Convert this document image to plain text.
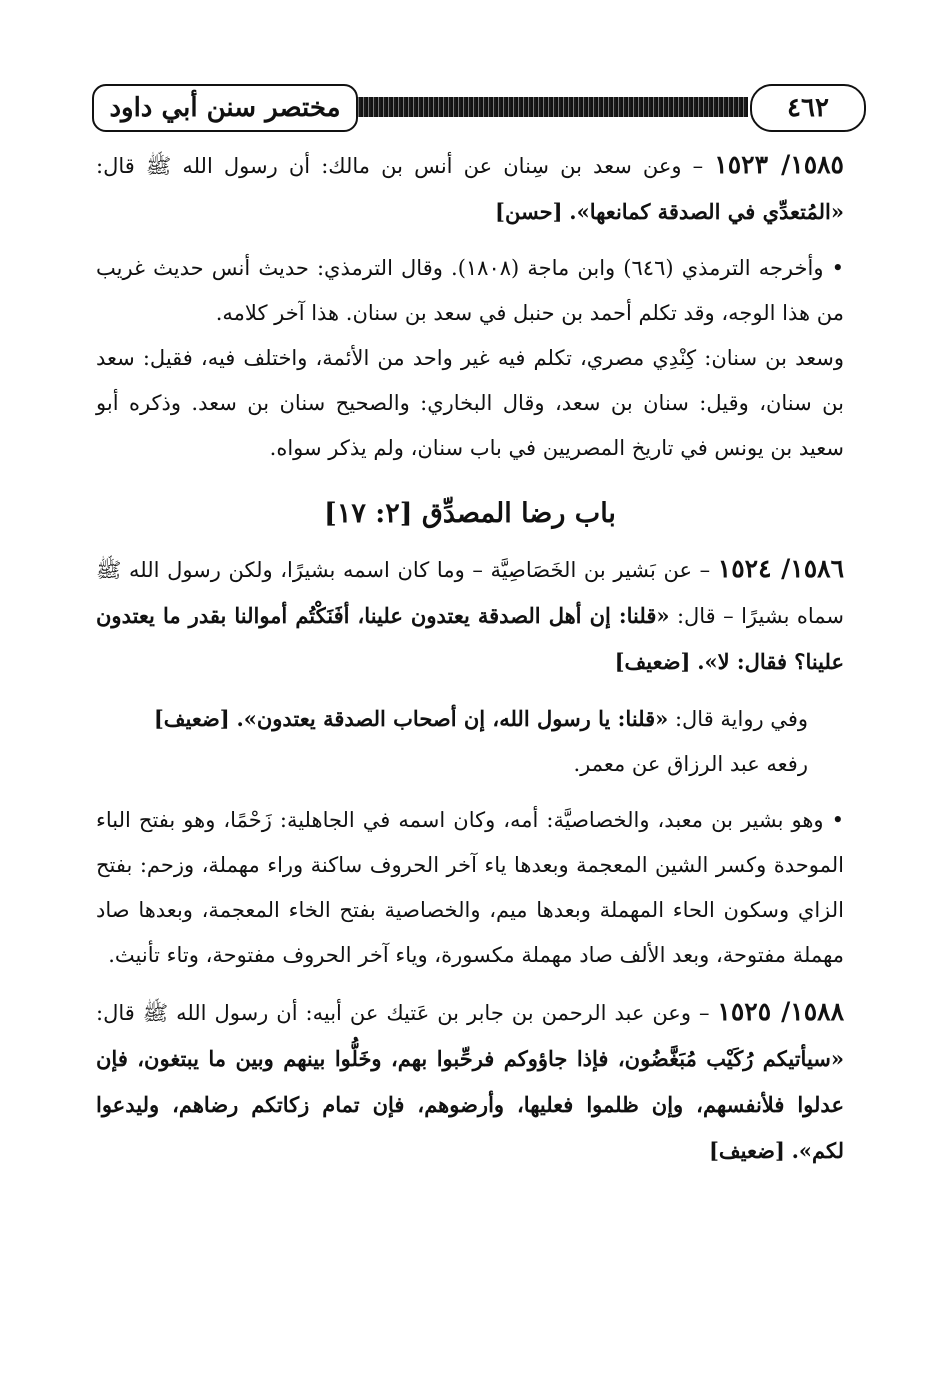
مختصر سنن أبي داود	٤٦٢

١٥٨٥/ ١٥٢٣ – وعن سعد بن سِنان عن أنس بن مالك: أن رسول الله ﷺ قال: «المُتعدِّي في الصدقة كمانعها». [حسن]

• وأخرجه الترمذي (٦٤٦) وابن ماجة (١٨٠٨). وقال الترمذي: حديث أنس حديث غريب من هذا الوجه، وقد تكلم أحمد بن حنبل في سعد بن سنان. هذا آخر كلامه.

وسعد بن سنان: كِنْدِي مصري، تكلم فيه غير واحد من الأئمة، واختلف فيه، فقيل: سعد بن سنان، وقيل: سنان بن سعد، وقال البخاري: والصحيح سنان بن سعد. وذكره أبو سعيد بن يونس في تاريخ المصريين في باب سنان، ولم يذكر سواه.

باب رضا المصدِّق [٢: ١٧]

١٥٨٦/ ١٥٢٤ – عن بَشير بن الخَصَاصِيَّة – وما كان اسمه بشيرًا، ولكن رسول الله ﷺ سماه بشيرًا – قال: «قلنا: إن أهل الصدقة يعتدون علينا، أفَنَكْتُم أموالنا بقدر ما يعتدون علينا؟ فقال: لا». [ضعيف]

وفي رواية قال: «قلنا: يا رسول الله، إن أصحاب الصدقة يعتدون». [ضعيف]

رفعه عبد الرزاق عن معمر.

• وهو بشير بن معبد، والخصاصيَّة: أمه، وكان اسمه في الجاهلية: زَحْمًا، وهو بفتح الباء الموحدة وكسر الشين المعجمة وبعدها ياء آخر الحروف ساكنة وراء مهملة، وزحم: بفتح الزاي وسكون الحاء المهملة وبعدها ميم، والخصاصية بفتح الخاء المعجمة، وبعدها صاد مهملة مفتوحة، وبعد الألف صاد مهملة مكسورة، وياء آخر الحروف مفتوحة، وتاء تأنيث.

١٥٨٨/ ١٥٢٥ – وعن عبد الرحمن بن جابر بن عَتيك عن أبيه: أن رسول الله ﷺ قال: «سيأتيكم رُكَيْب مُبَغَّضُون، فإذا جاؤوكم فرحِّبوا بهم، وخَلُّوا بينهم وبين ما يبتغون، فإن عدلوا فلأنفسهم، وإن ظلموا فعليها، وأرضوهم، فإن تمام زكاتكم رضاهم، وليدعوا لكم». [ضعيف]
